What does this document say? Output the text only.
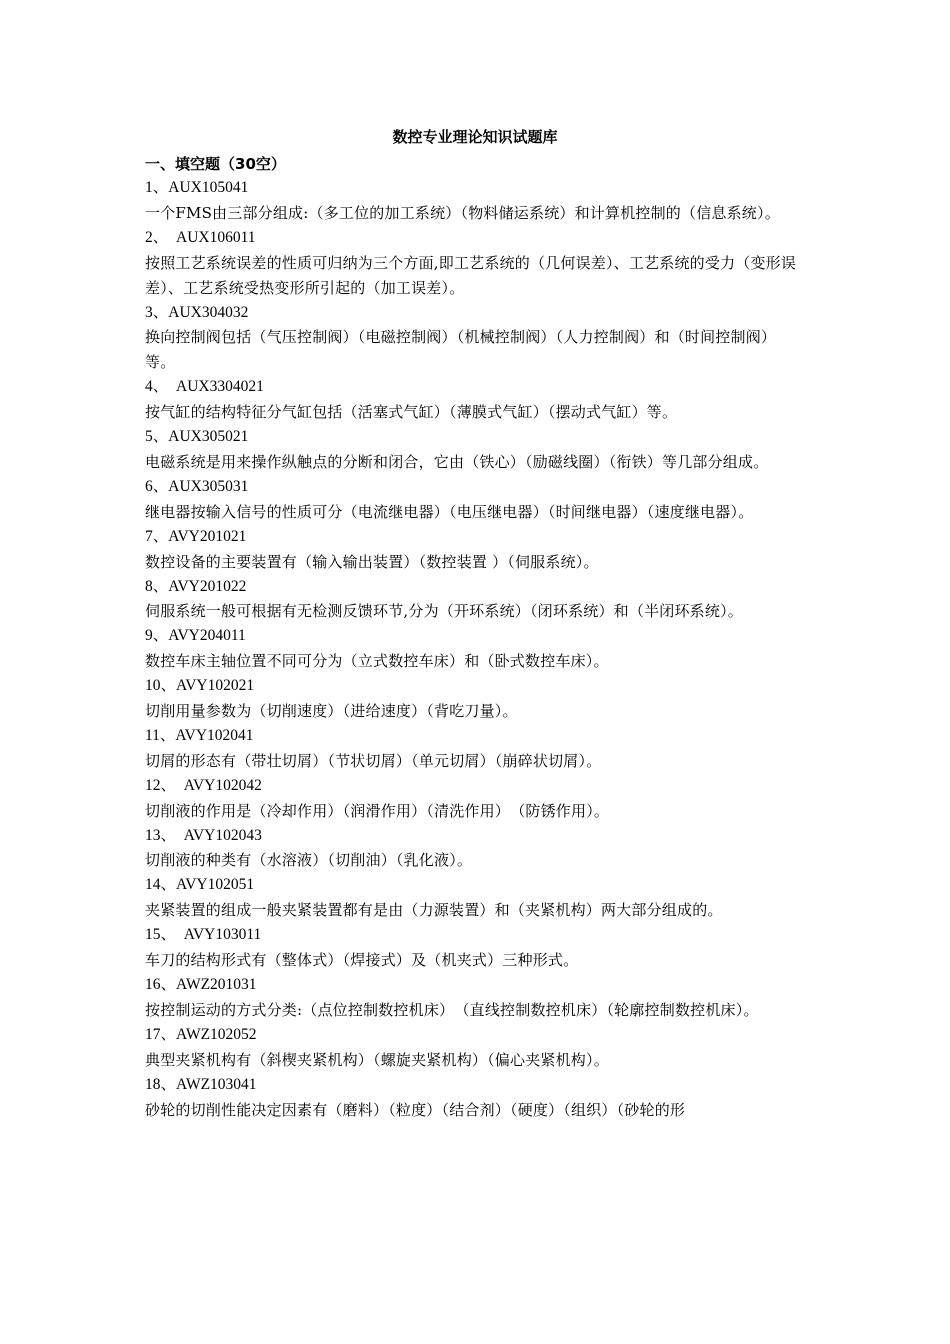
数控专业理论知识试题库
一、填空题（30空）
1、AUX105041
一个FMS由三部分组成:（多工位的加工系统）（物料储运系统）和计算机控制的（信息系统）。
2、　AUX106011
按照工艺系统误差的性质可归纳为三个方面,即工艺系统的（几何误差）、工艺系统的受力（变形误差）、工艺系统受热变形所引起的（加工误差）。
3、AUX304032
换向控制阀包括（气压控制阀）（电磁控制阀）（机械控制阀）（人力控制阀）和（时间控制阀）等。
4、　AUX3304021
按气缸的结构特征分气缸包括（活塞式气缸）（薄膜式气缸）（摆动式气缸）等。
5、AUX305021
电磁系统是用来操作纵触点的分断和闭合，它由（铁心）（励磁线圈）（衔铁）等几部分组成。
6、AUX305031
继电器按输入信号的性质可分（电流继电器）（电压继电器）（时间继电器）（速度继电器）。
7、AVY201021
数控设备的主要装置有（输入输出装置）（数控装置 ）（伺服系统）。
8、AVY201022
伺服系统一般可根据有无检测反馈环节,分为（开环系统）（闭环系统）和（半闭环系统）。
9、AVY204011
数控车床主轴位置不同可分为（立式数控车床）和（卧式数控车床）。
10、AVY102021
切削用量参数为（切削速度）（进给速度）（背吃刀量）。
11、AVY102041
切屑的形态有（带壮切屑）（节状切屑）（单元切屑）（崩碎状切屑）。
12、　AVY102042
切削液的作用是（冷却作用）（润滑作用）（清洗作用）　（防锈作用）。
13、　AVY102043
切削液的种类有（水溶液）（切削油）（乳化液）。
14、AVY102051
夹紧装置的组成一般夹紧装置都有是由（力源装置）和（夹紧机构）两大部分组成的。
15、　AVY103011
车刀的结构形式有（整体式）（焊接式）及（机夹式）三种形式。
16、AWZ201031
按控制运动的方式分类:（点位控制数控机床）　（直线控制数控机床）（轮廓控制数控机床）。
17、AWZ102052
典型夹紧机构有（斜楔夹紧机构）（螺旋夹紧机构）（偏心夹紧机构）。
18、AWZ103041
砂轮的切削性能决定因素有（磨料）（粒度）（结合剂）（硬度）（组织）（砂轮的形
